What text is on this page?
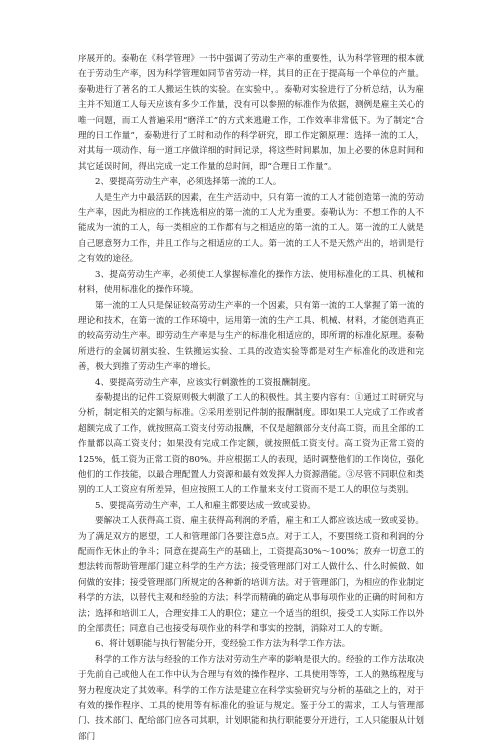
序展开的。泰勒在《科学管理》一书中强调了劳动生产率的重要性，认为科学管理的根本就在于劳动生产率，因为科学管理如同节省劳动一样，其目的正在于提高每一个单位的产量。泰勒进行了著名的工人搬运生铁的实验。在实验中，。泰勒对实验进行了分析总结，认为雇主并不知道工人每天应该有多少工作量，没有可以参照的标准作为依据，测例是雇主关心的唯一问题，而工人普遍采用“磨洋工”的方式来逃避工作，工作效率非常低下。为了制定“合理的日工作量”，泰勒进行了工时和动作的科学研究，即工作定额原理：选择一流的工人，对其每一项动作、每一道工序做详细的时间记录，将这些时间累加，加上必要的休息时间和其它延误时间，得出完成一定工作量的总时间，即“合理日工作量”。

2、要提高劳动生产率，必须选择第一流的工人。

人是生产力中最活跃的因素，在生产活动中，只有第一流的工人才能创造第一流的劳动生产率，因此为相应的工作挑选相应的第一流的工人尤为重要。泰勒认为：不想工作的人不能成为一流的工人，每一类相应的工作都有与之相适应的第一流的工人。第一流的工人就是自己愿意努力工作，并且工作与之相适应的工人。第一流的工人不是天然产出的，培训是行之有效的途径。

3、提高劳动生产率，必须使工人掌握标准化的操作方法、使用标准化的工具、机械和材料，使用标准化的操作环境。

第一流的工人只是保证较高劳动生产率的一个因素，只有第一流的工人掌握了第一流的理论和技术，在第一流的工作环境中，运用第一流的生产工具、机械、材料，才能创造真正的较高劳动生产率。即劳动生产率是与生产的标准化相适应的，即所谓的标准化原理。泰勒所进行的金属切割实验、生铁搬运实验、工具的改造实验等都是对生产标准化的改进和完善，极大到推了劳动生产率的增长。

4、要提高劳动生产率，应该实行刺激性的工资报酬制度。

泰勒提出的记件工资原则极大刺激了工人的积极性。其主要内容有：①通过工时研究与分析，制定相关的定额与标准。②采用差别记件制的报酬制度。即如果工人完成了工作或者超额完成了工作，就按照高工资支付劳动报酬，不仅是超额部分支付高工资，而且全部的工作量都以高工资支付；如果没有完成工作定额，就按照低工资支付。高工资为正常工资的125%，低工资为正常工资的80%。并应根据工人的表现，适时调整他们的工作岗位，强化他们的工作技能，以最合理配置人力资源和最有效发挥人力资源潜能。③尽管不同职位和类别的工人工资应有所差异，但应按照工人的工作量来支付工资而不是工人的职位与类别。

5、要提高劳动生产率，工人和雇主都要达成一致或妥协。

要解决工人获得高工资、雇主获得高利润的矛盾，雇主和工人都应该达成一致或妥协。为了满足双方的愿望，工人和管理部门各要注意5点。对于工人，不要围绕工资和利润的分配而作无休止的争斗；同意在提高生产的基础上，工资提高30%～100%；放弃一切意工的想法转而帮助管理部门建立科学的生产方法；接受管理部门对工人做什么、什么时候做、如何做的安排；接受管理部门所规定的各种新的培训方法。对于管理部门，为相应的作业制定科学的方法，以替代主观和经验的方法；科学而精确的确定从事每项作业的正确的时间和方法；选择和培训工人，合理安排工人的职位；建立一个适当的组织，接受工人实际工作以外的全部责任；同意自己也接受每项作业的科学和事实的控制，消除对工人的专断。

6、将计划职能与执行智能分开，变经验工作方法为科学工作方法。

科学的工作方法与经验的工作方法对劳动生产率的影响是很大的。经验的工作方法取决于先前自己或他人在工作中认为合理与有效的操作程序、工具使用等等，工人的熟练程度与努力程度决定了其效率。科学的工作方法是建立在科学实验研究与分析的基础之上的，对于有效的操作程序、工具的使用等有标准化的验证与规定。鉴于分工的需求，工人与管理部门、技术部门、配给部门应各司其职，计划职能和执行职能要分开进行，工人只能服从计划部门
